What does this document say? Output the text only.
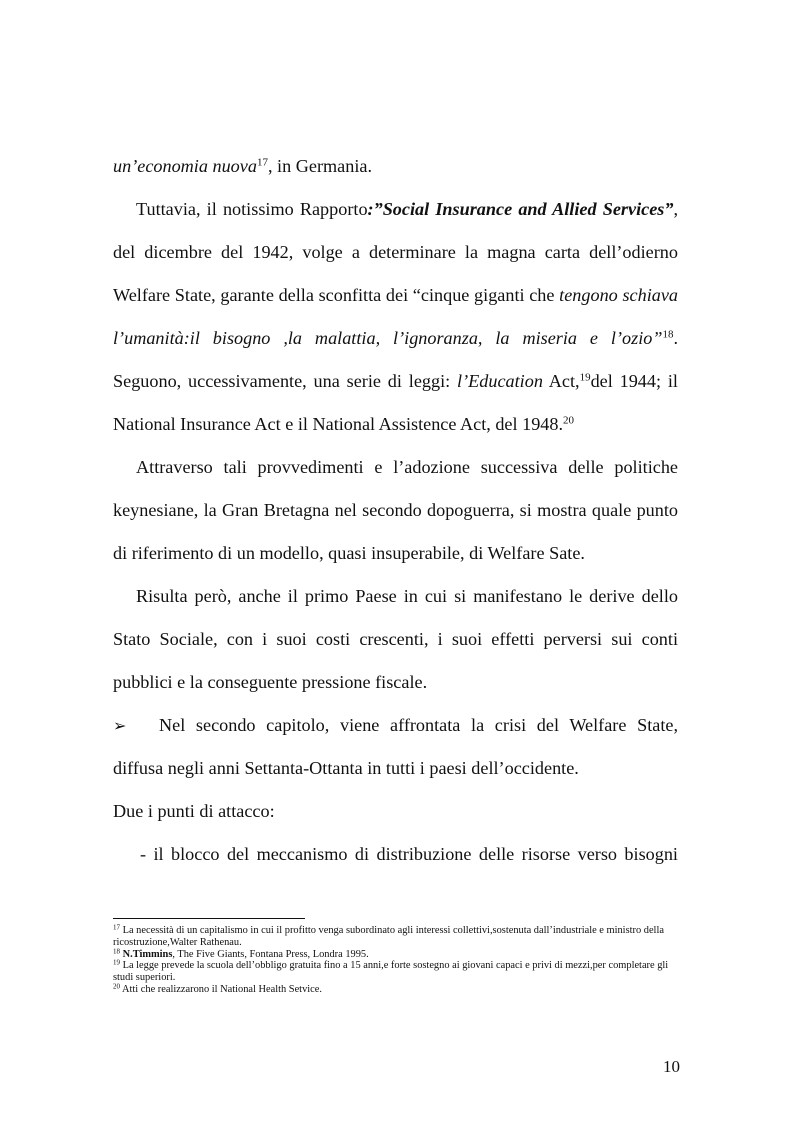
un’economia nuova$^{17}$, in Germania.

Tuttavia, il notissimo Rapporto:”Social Insurance and Allied Services”, del dicembre del 1942, volge a determinare la magna carta dell’odierno Welfare State, garante della sconfitta dei “cinque giganti che tengono schiava l’umanità:il bisogno ,la malattia, l’ignoranza, la miseria e l’ozio”$^{18}$. Seguono, uccessivamente, una serie di leggi: l’Education Act,$^{19}$del 1944; il National Insurance Act e il National Assistence Act, del 1948.20

Attraverso tali provvedimenti e l’adozione successiva delle politiche keynesiane, la Gran Bretagna nel secondo dopoguerra, si mostra quale punto di riferimento di un modello, quasi insuperabile, di Welfare Sate.

Risulta però, anche il primo Paese in cui si manifestano le derive dello Stato Sociale, con i suoi costi crescenti, i suoi effetti perversi sui conti pubblici e la conseguente pressione fiscale.

➢	Nel secondo capitolo, viene affrontata la crisi del Welfare State,

diffusa negli anni Settanta-Ottanta in tutti i paesi dell’occidente.

Due i punti di attacco:

- il blocco del meccanismo di distribuzione delle risorse verso bisogni

$^{17}$ La necessità di un capitalismo in cui il profitto venga subordinato agli interessi collettivi,sostenuta dall’industriale e ministro della ricostruzione,Walter Rathenau.

$^{18}$ N.Timmins, The Five Giants, Fontana Press, Londra 1995.

$^{19}$ La legge prevede la scuola dell’obbligo gratuita fino a 15 anni,e forte sostegno ai giovani capaci e privi di mezzi,per completare gli studi superiori.

$^{20}$ Atti che realizzarono il National Health Setvice.

10
